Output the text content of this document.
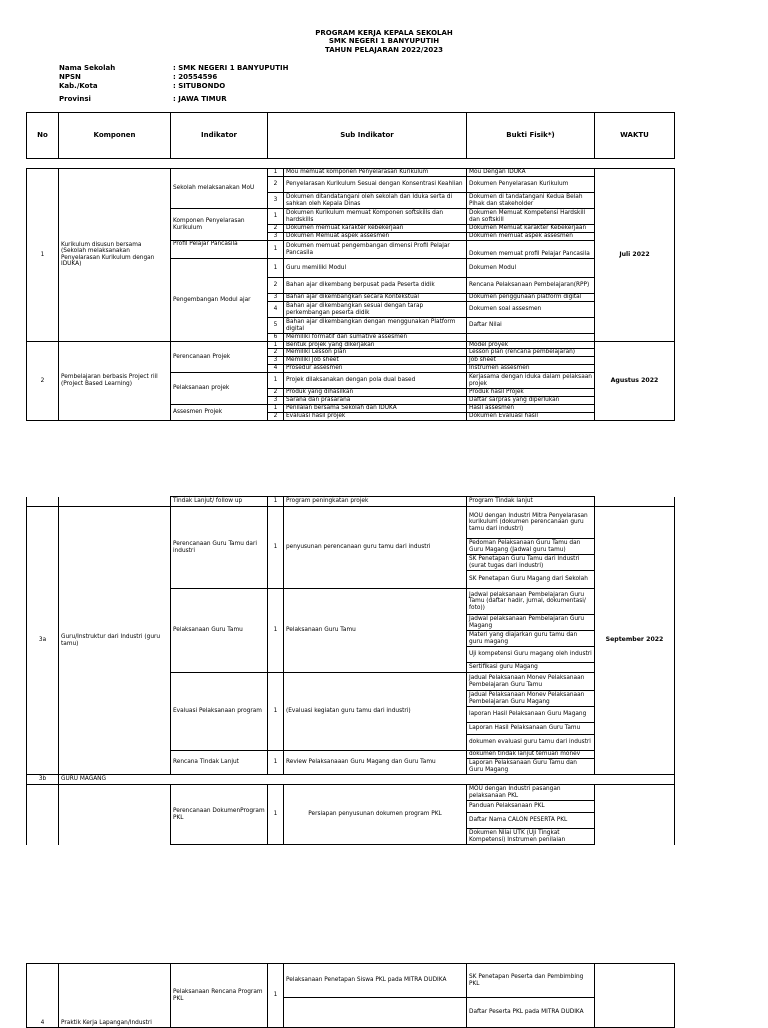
PROGRAM KERJA KEPALA SEKOLAH
SMK NEGERI 1 BANYUPUTIH
TAHUN PELAJARAN 2022/2023
Nama Sekolah	: SMK NEGERI 1 BANYUPUTIH
NPSN	: 20554596
Kab./Kota	: SITUBONDO
Provinsi	: JAWA TIMUR
No	Komponen	Indikator	Sub Indikator		Bukti Fisik*)	WAKTU

1	Kurikulum disusun bersama (Sekolah melaksanakan Penyelarasan Kurikulum dengan IDUKA)	Sekolah melaksanakan MoU	1	Mou memuat komponen Penyelarasan Kurikulum	Mou Dengan IDUKA	Juli 2022
			2	Penyelarasan Kurikulum Sesuai dengan Konsentrasi Keahlian	Dokumen Penyelarasan Kurikulum	
			3	Dokumen ditandatangani oleh sekolah dan Iduka serta di sahkan oleh Kepala Dinas	Dokumen di tandatangani Kedua Belah Pihak dan stakeholder	
		Komponen Penyelarasan Kurikulum	1	Dokumen Kurikulum memuat Komponen softskills dan hardskills	Dokumen Memuat Kompetensi Hardskill dan softskill	
			2	Dokumen memuat karakter kebekerjaan	Dokumen Memuat karakter Kebekerjaan	
			3	Dokumen Memuat aspek assesmen	Dokumen memuat aspek assesmen	
		Profil Pelajar Pancasila	1	Dokumen memuat pengembangan dimensi Profil Pelajar Pancasila	Dokumen memuat profil Pelajar Pancasila	
		Pengembangan Modul ajar	1	Guru memiliki Modul	Dokumen Modul	
			2	Bahan ajar dikembang berpusat pada Peserta didik	Rencana Pelaksanaan Pembelajaran(RPP)	
			3	Bahan ajar dikembangkan secara Kontekstual	Dokumen penggunaan platform digital	
			4	Bahan ajar dikembangkan sesuai dengan tarap perkembangan peserta didik	Dokumen soal assesmen	
			5	Bahan ajar dikembangkan dengan menggunakan Platform digital	Daftar Nilai	
			6	Memiliki formatif dan sumative assesmen		
2	Pembelajaran berbasis Project riil (Project Based Learning)	Perencanaan Projek	1	Bentuk projek yang dikerjakan	Model proyek	Agustus 2022
			2	Memiliki Lesson plan	Lesson plan (rencana pembelajaran)	
			3	Memiliki Job sheet	Job sheet	
			4	Prosedur assesmen	Instrumen assesmen	
		Pelaksanaan projek	1	Projek dilaksanakan dengan pola dual based	Kerjasama dengan iduka dalam pelaksaan projek	
			2	Produk yang dihasilkan	Produk hasil Projek	
			3	Sarana dan prasarana	Daftar sarpras yang diperlukan	
		Assesmen Projek	1	Penilaian bersama Sekolah dan IDUKA	Hasil assesmen	
			2	Evaluasi hasil projek	Dokumen Evaluasi hasil	
		Tindak Lanjut/ follow up	1	Program peningkatan projek	Program Tindak lanjut	
3a	Guru/Instruktur dari Industri (guru tamu)	Perencanaan Guru Tamu dari industri	1	penyusunan perencanaan guru tamu dari industri	MOU dengan Industri Mitra Penyelarasan kurikulum (dokumen perencanaan guru tamu dari industri)	September 2022
					Pedoman Pelaksanaan Guru Tamu dan Guru Magang (Jadwal guru tamu)	
					SK Penetapan Guru Tamu dari Industri (surat tugas dari industri)	
					SK Penetapan Guru Magang dari Sekolah	
		Pelaksanaan Guru Tamu	1	Pelaksanaan Guru Tamu	Jadwal pelaksanaan Pembelajaran Guru Tamu (daftar hadir, jurnal, dokumentasi/ foto))	
					Jadwal pelaksanaan Pembelajaran Guru Magang	
					Materi yang diajarkan guru tamu dan guru magang	
					Uji kompetensi Guru magang oleh industri	
					Sertifikasi guru Magang	
		Evaluasi Pelaksanaan program	1	(Evaluasi kegiatan guru tamu dari industri)	Jadual Pelaksanaan Monev Pelaksanaan Pembelajaran Guru Tamu	
					Jadual Pelaksanaan Monev Pelaksanaan Pembelajaran Guru Magang	
					laporan Hasil Pelaksanaan Guru Magang	
					Laporan Hasil Pelaksanaan Guru Tamu	
					dokumen evaluasi guru tamu dari industri	
		Rencana Tindak Lanjut	1	Review Pelaksanaaan Guru Magang dan Guru Tamu	dokumen tindak lanjut temuan monev	
					Laporan Pelaksanaan Guru Tamu dan Guru Magang	
3b	GURU MAGANG					
		Perencanaan DokumenProgram PKL	1	Persiapan penyusunan dokumen program PKL	MOU dengan Industri pasangan pelaksanaan PKL	
					Panduan Pelaksanaan PKL	
					Daftar Nama CALON PESERTA PKL	
					Dokumen Nilai UTK (Uji Tingkat Kompetensi) Instrumen penilaian	
4	Praktik Kerja Lapangan/Industri	Pelaksanaan Rencana Program PKL	1	Pelaksanaan Penetapan Siswa PKL pada MITRA DUDIKA	SK Penetapan Peserta dan Pembimbing PKL	
					Daftar Peserta PKL pada MITRA DUDIKA	
